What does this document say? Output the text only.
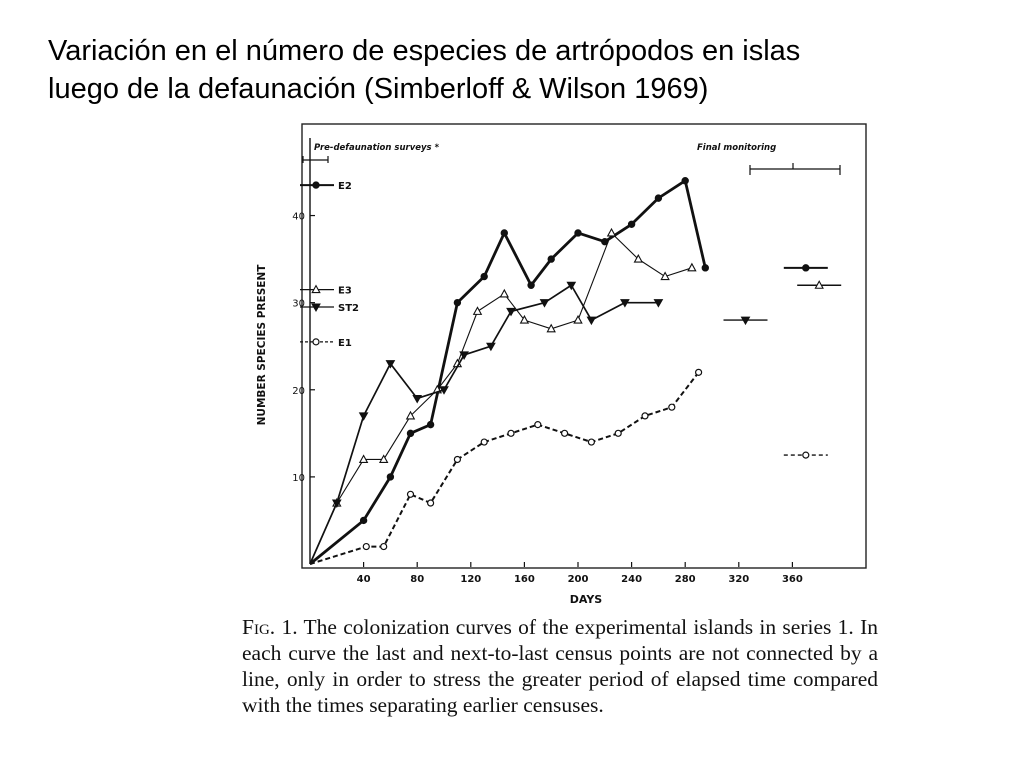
Variación en el número de especies de artrópodos en islas
luego de la defaunación (Simberloff & Wilson 1969)
10
20
30
40
40	80	120	160	200	240	280	320	360
DAYS
NUMBER SPECIES PRESENT
Pre-defaunation surveys *	Final monitoring
E2
E3
ST2
E1
Fig. 1. The colonization curves of the experimental islands in series 1. In each curve the last and next-to-last census points are not connected by a line, only in order to stress the greater period of elapsed time compared with the times separating earlier censuses.
